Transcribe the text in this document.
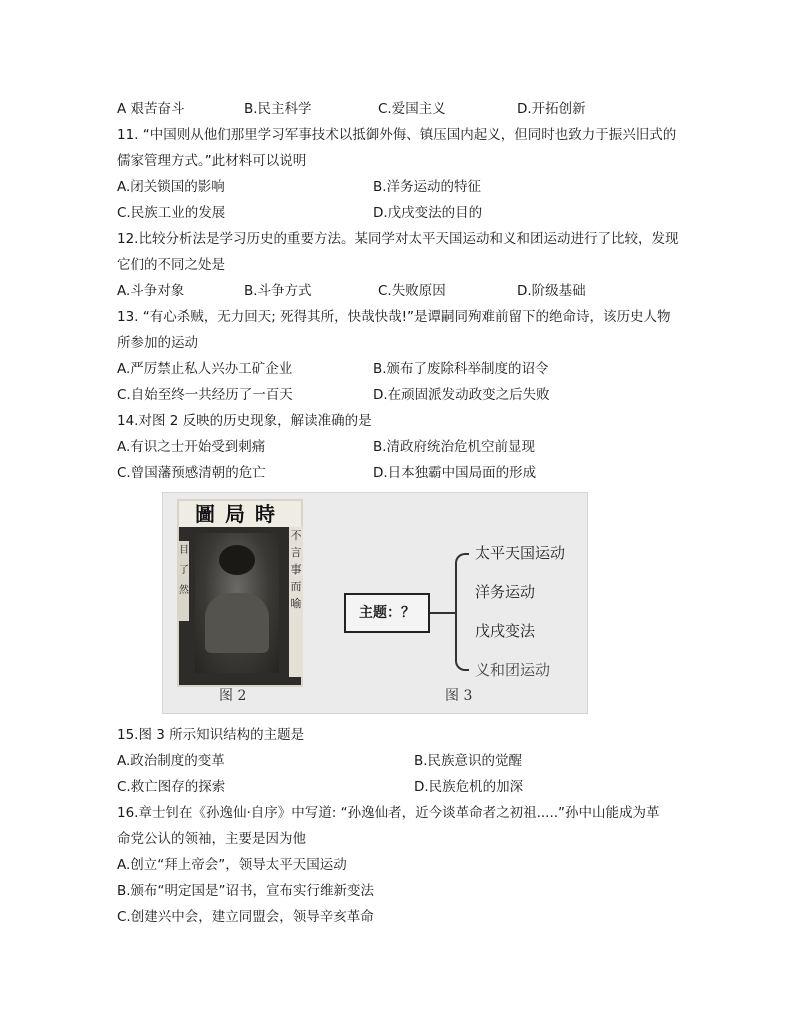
A 艰苦奋斗	B.民主科学	C.爱国主义	D.开拓创新
11. “中国则从他们那里学习军事技术以抵御外侮、镇压国内起义，但同时也致力于振兴旧式的
儒家管理方式。”此材料可以说明
A.闭关锁国的影响	B.洋务运动的特征
C.民族工业的发展	D.戊戌变法的目的
12.比较分析法是学习历史的重要方法。某同学对太平天国运动和义和团运动进行了比较，发现
它们的不同之处是
A.斗争对象	B.斗争方式	C.失败原因	D.阶级基础
13. “有心杀贼，无力回天; 死得其所，快哉快哉!”是谭嗣同殉难前留下的绝命诗，该历史人物
所参加的运动
A.严厉禁止私人兴办工矿企业	B.颁布了废除科举制度的诏令
C.自始至终一共经历了一百天	D.在顽固派发动政变之后失败
14.对图 2 反映的历史现象，解读准确的是
A.有识之士开始受到刺痛	B.清政府统治危机空前显现
C.曾国藩预感清朝的危亡	D.日本独霸中国局面的形成
圖局時
目了然
不言事而喻
图 2
主题：？
太平天国运动
洋务运动
戊戌变法
义和团运动
图 3
15.图 3 所示知识结构的主题是
A.政治制度的变革	B.民族意识的觉醒
C.救亡图存的探索	D.民族危机的加深
16.章士钊在《孙逸仙·自序》中写道: “孙逸仙者，近今谈革命者之初祖.....”孙中山能成为革
命党公认的领袖，主要是因为他
A.创立“拜上帝会”，领导太平天国运动
B.颁布“明定国是”诏书，宣布实行维新变法
C.创建兴中会，建立同盟会，领导辛亥革命
